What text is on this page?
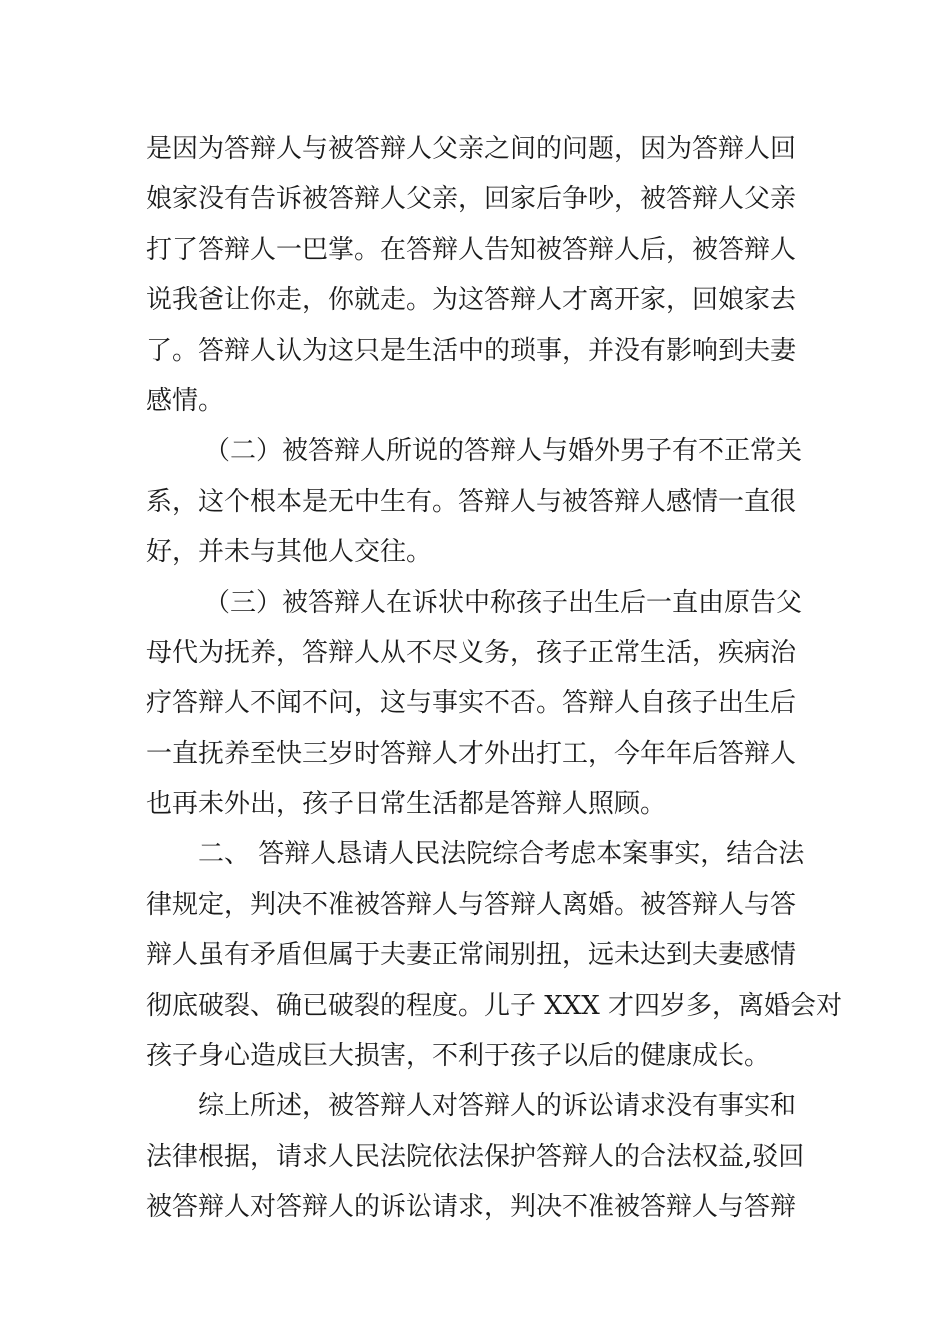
是因为答辩人与被答辩人父亲之间的问题，因为答辩人回
娘家没有告诉被答辩人父亲，回家后争吵，被答辩人父亲
打了答辩人一巴掌。在答辩人告知被答辩人后，被答辩人
说我爸让你走，你就走。为这答辩人才离开家，回娘家去
了。答辩人认为这只是生活中的琐事，并没有影响到夫妻
感情。
（二）被答辩人所说的答辩人与婚外男子有不正常关
系，这个根本是无中生有。答辩人与被答辩人感情一直很
好，并未与其他人交往。
（三）被答辩人在诉状中称孩子出生后一直由原告父
母代为抚养，答辩人从不尽义务，孩子正常生活，疾病治
疗答辩人不闻不问，这与事实不否。答辩人自孩子出生后
一直抚养至快三岁时答辩人才外出打工，今年年后答辩人
也再未外出，孩子日常生活都是答辩人照顾。
二、 答辩人恳请人民法院综合考虑本案事实，结合法
律规定，判决不准被答辩人与答辩人离婚。被答辩人与答
辩人虽有矛盾但属于夫妻正常闹别扭，远未达到夫妻感情
彻底破裂、确已破裂的程度。儿子 XXX 才四岁多，离婚会对
孩子身心造成巨大损害，不利于孩子以后的健康成长。
综上所述，被答辩人对答辩人的诉讼请求没有事实和
法律根据，请求人民法院依法保护答辩人的合法权益,驳回
被答辩人对答辩人的诉讼请求，判决不准被答辩人与答辩
